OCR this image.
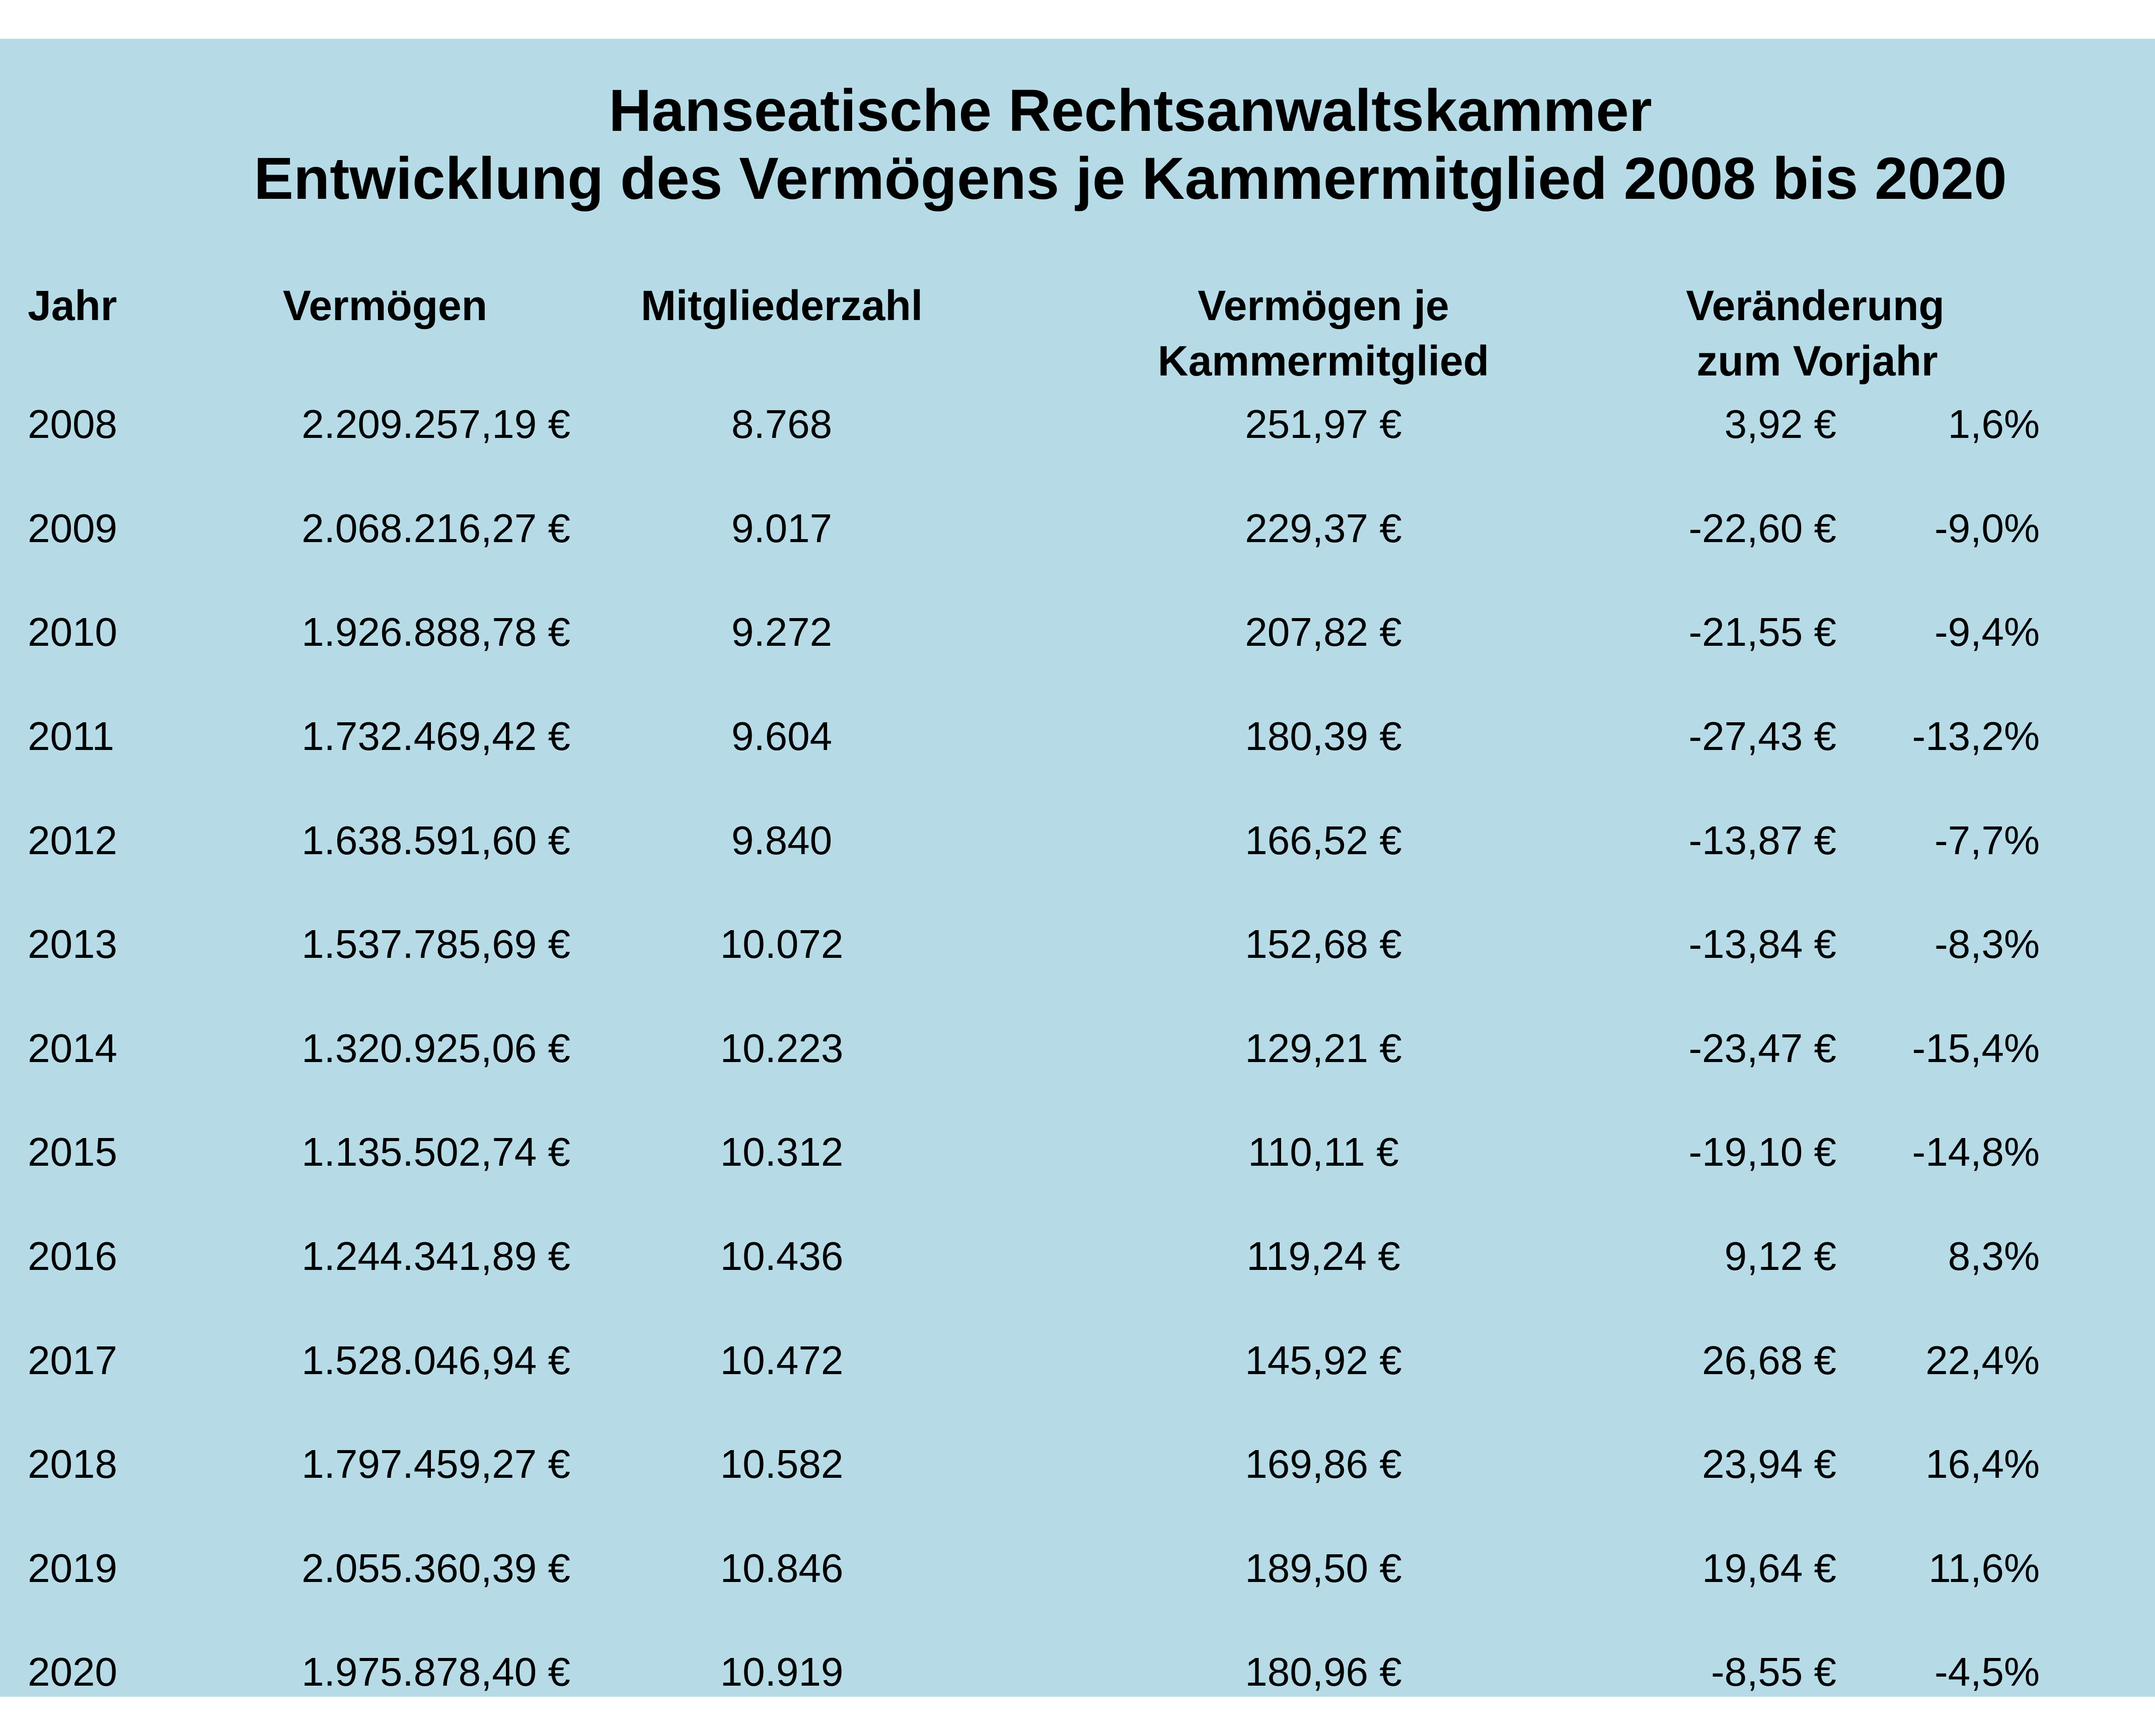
Hanseatische Rechtsanwaltskammer
Entwicklung des Vermögens je Kammermitglied 2008 bis 2020
Jahr	Vermögen	Mitgliederzahl	Vermögen je
Kammermitglied
Veränderung
zum Vorjahr
2008	2.209.257,19 €	8.768	251,97 €	3,92 €	1,6%
2009	2.068.216,27 €	9.017	229,37 €	-22,60 € -9,0%
2010	1.926.888,78 €	9.272	207,82 €	-21,55 € -9,4%
2011	1.732.469,42 €	9.604	180,39 €	-27,43 € -13,2%
2012	1.638.591,60 €	9.840	166,52 €	-13,87 € -7,7%
2013	1.537.785,69 €	10.072	152,68 €	-13,84 € -8,3%
2014	1.320.925,06 €	10.223	129,21 €	-23,47 € -15,4%
2015	1.135.502,74 €	10.312	110,11 €	-19,10 € -14,8%
2016	1.244.341,89 €	10.436	119,24 €	9,12 €	8,3%
2017	1.528.046,94 €	10.472	145,92 €	26,68 € 22,4%
2018	1.797.459,27 €	10.582	169,86 €	23,94 € 16,4%
2019	2.055.360,39 €	10.846	189,50 €	19,64 € 11,6%
2020	1.975.878,40 €	10.919	180,96 €	-8,55 € -4,5%
